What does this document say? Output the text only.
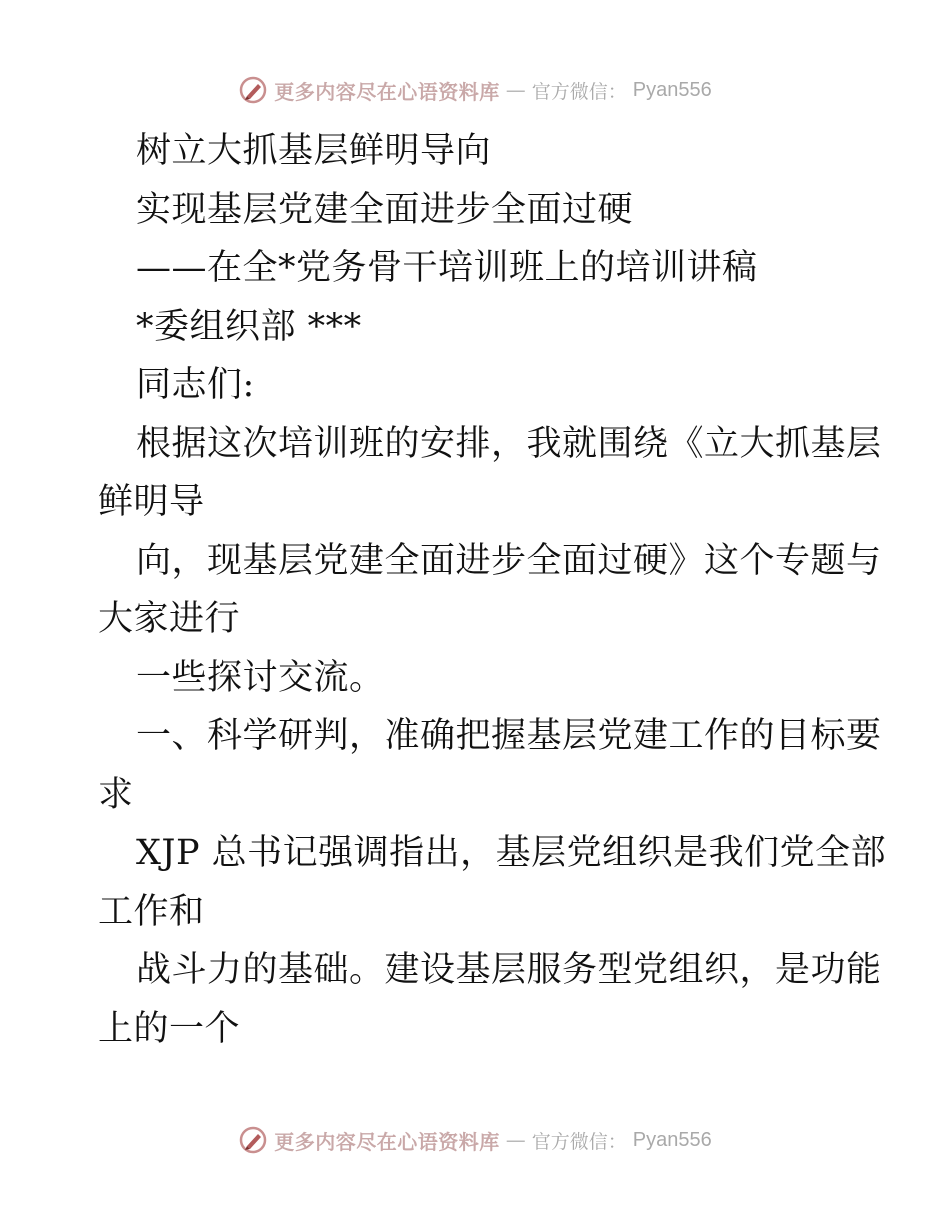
更多内容尽在心语资料库 — 官方微信： Pyan556
树立大抓基层鲜明导向
实现基层党建全面进步全面过硬
——在全*党务骨干培训班上的培训讲稿
*委组织部 ***
同志们:
根据这次培训班的安排，我就围绕《立大抓基层
鲜明导
向，现基层党建全面进步全面过硬》这个专题与
大家进行
一些探讨交流。
一、科学研判，准确把握基层党建工作的目标要
求
XJP 总书记强调指出，基层党组织是我们党全部
工作和
战斗力的基础。建设基层服务型党组织，是功能
上的一个
更多内容尽在心语资料库 — 官方微信： Pyan556
